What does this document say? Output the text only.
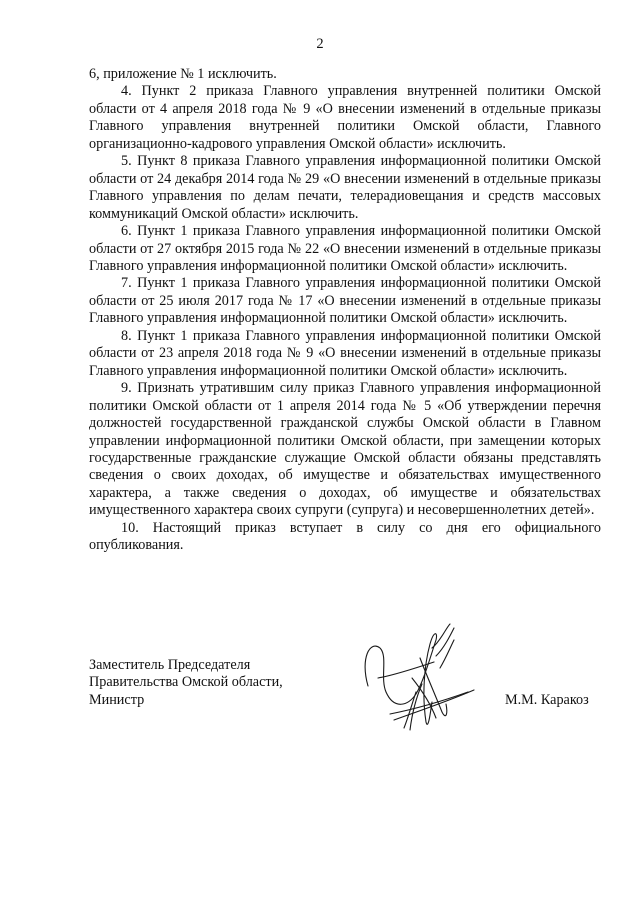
2

6, приложение № 1 исключить.

4. Пункт 2 приказа Главного управления внутренней политики Омской области от 4 апреля 2018 года № 9 «О внесении изменений в отдельные приказы Главного управления внутренней политики Омской области, Главного организационно-кадрового управления Омской области» исключить.

5. Пункт 8 приказа Главного управления информационной политики Омской области от 24 декабря 2014 года № 29 «О внесении изменений в отдельные приказы Главного управления по делам печати, телерадиовещания и средств массовых коммуникаций Омской области» исключить.

6. Пункт 1 приказа Главного управления информационной политики Омской области от 27 октября 2015 года № 22 «О внесении изменений в отдельные приказы Главного управления информационной политики Омской области» исключить.

7. Пункт 1 приказа Главного управления информационной политики Омской области от 25 июля 2017 года № 17 «О внесении изменений в отдельные приказы Главного управления информационной политики Омской области» исключить.

8. Пункт 1 приказа Главного управления информационной политики Омской области от 23 апреля 2018 года № 9 «О внесении изменений в отдельные приказы Главного управления информационной политики Омской области» исключить.

9. Признать утратившим силу приказ Главного управления информационной политики Омской области от 1 апреля 2014 года № 5 «Об утверждении перечня должностей государственной гражданской службы Омской области в Главном управлении информационной политики Омской области, при замещении которых государственные гражданские служащие Омской области обязаны представлять сведения о своих доходах, об имуществе и обязательствах имущественного характера, а также сведения о доходах, об имуществе и обязательствах имущественного характера своих супруги (супруга) и несовершеннолетних детей».

10. Настоящий приказ вступает в силу со дня его официального опубликования.

Заместитель Председателя
Правительства Омской области,
Министр	М.М. Каракоз
